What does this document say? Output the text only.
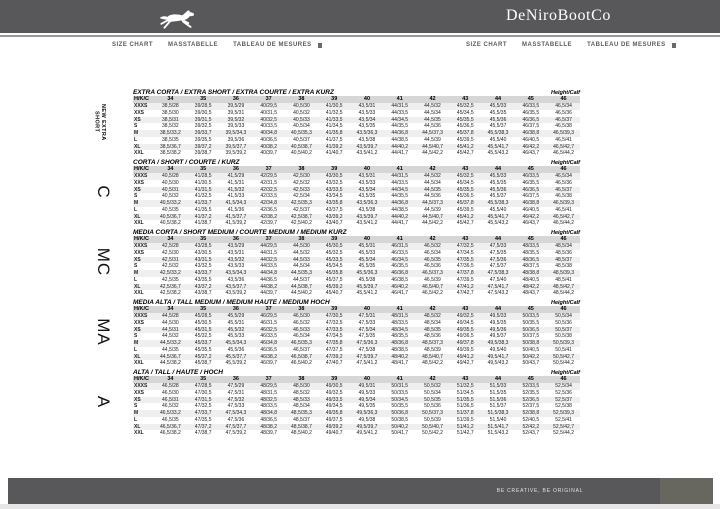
DeNiroBootCo
SIZE CHART	MASSTABELLE	TABLEAU DE MESURES	SIZE CHART	MASSTABELLE	TABLEAU DE MESURES
NEW EXTRA SHORT
EXTRA CORTA / EXTRA SHORT / EXTRA COURTE / EXTRA KURZ	Height/Calf
H/K/C	34	35	36	37	38	39	40	41	42	43	44	45	46
XXXS	38,5/28	39/28,5	39,5/29	40/29,5	40,5/30	41/30,5	43,5/31	44/31,5	44,5/32	45/32,5	45,5/33	46/33,5	46,5/34
XXS	38,5/30	39/30,5	39,5/31	40/31,5	40,5/32	41/32,5	43,5/33	44/33,5	44,5/34	45/34,5	45,5/35	46/35,5	46,5/36
XS	38,5/31	39/31,5	39,5/32	40/32,5	40,5/33	41/33,5	43,5/34	44/34,5	44,5/35	45/35,5	45,5/36	46/36,5	46,5/37
S	38,5/32	39/32,5	39,5/33	40/33,5	40,5/34	41/34,5	43,5/35	44/35,5	44,5/36	45/36,5	45,5/37	46/37,5	46,5/38
M	38,5/33,2	39/33,7	39,5/34,3	40/34,8	40,5/35,3	41/35,8	43,5/36,3	44/36,8	44,5/37,3	45/37,8	45,5/38,3	46/38,8	46,5/39,3
L	38,5/35	39/35,5	39,5/36	40/36,5	40,5/37	41/37,5	43,5/38	44/38,5	44,5/39	45/39,5	45,5/40	46/40,5	46,5/41
XL	38,5/36,7	39/37,2	39,5/37,7	40/38,2	40,5/38,7	41/39,2	43,5/39,7	44/40,2	44,5/40,7	45/41,2	45,5/41,7	46/42,2	46,5/42,7
XXL	38,5/38,2	39/38,7	39,5/39,2	40/39,7	40,5/40,2	41/40,7	43,5/41,2	44/41,7	44,5/42,2	45/42,7	45,5/43,2	46/43,7	46,5/44,2
C
CORTA / SHORT / COURTE / KURZ	Height/Calf
H/K/C	34	35	36	37	38	39	40	41	42	43	44	45	46
XXXS	40,5/28	41/28,5	41,5/29	42/29,5	42,5/30	43/30,5	43,5/31	44/31,5	44,5/32	45/32,5	45,5/33	46/33,5	46,5/34
XXS	40,5/30	41/30,5	41,5/31	42/31,5	42,5/32	43/32,5	43,5/33	44/33,5	44,5/34	45/34,5	45,5/35	46/35,5	46,5/36
XS	40,5/31	41/31,5	41,5/32	42/32,5	42,5/33	43/33,5	43,5/34	44/34,5	44,5/35	45/35,5	45,5/36	46/36,5	46,5/37
S	40,5/32	41/32,5	41,5/33	42/33,5	42,5/34	43/34,5	43,5/35	44/35,5	44,5/36	45/36,5	45,5/37	46/37,5	46,5/38
M	40,5/33,2	41/33,7	41,5/34,3	42/34,8	42,5/35,3	43/35,8	43,5/36,3	44/36,8	44,5/37,3	45/37,8	45,5/38,3	46/38,8	46,5/39,3
L	40,5/35	41/35,5	41,5/36	42/36,5	42,5/37	43/37,5	43,5/38	44/38,5	44,5/39	45/39,5	45,5/40	46/40,5	46,5/41
XL	40,5/36,7	41/37,2	41,5/37,7	42/38,2	42,5/38,7	43/39,2	43,5/39,7	44/40,2	44,5/40,7	45/41,2	45,5/41,7	46/42,2	46,5/42,7
XXL	40,5/38,2	41/38,7	41,5/39,2	42/39,7	42,5/40,2	43/40,7	43,5/41,2	44/41,7	44,5/42,2	45/42,7	45,5/43,2	46/43,7	46,5/44,2
MC
MEDIA CORTA / SHORT MEDIUM / COURTE MEDIUM / MEDIUM KURZ	Height/Calf
H/K/C	34	35	36	37	38	39	40	41	42	43	44	45	46
XXXS	42,5/28	43/28,5	43,5/29	44/29,5	44,5/30	45/30,5	45,5/31	46/31,5	46,5/32	47/32,5	47,5/33	48/33,5	48,5/34
XXS	42,5/30	43/30,5	43,5/31	44/31,5	44,5/32	45/32,5	45,5/33	46/33,5	46,5/34	47/34,5	47,5/35	48/35,5	48,5/36
XS	42,5/31	43/31,5	43,5/32	44/32,5	44,5/33	45/33,5	45,5/34	46/34,5	46,5/35	47/35,5	47,5/36	48/36,5	48,5/37
S	42,5/32	43/32,5	43,5/33	44/33,5	44,5/34	45/34,5	45,5/35	46/35,5	46,5/36	47/36,5	47,5/37	48/37,5	48,5/38
M	42,5/33,2	43/33,7	43,5/34,3	44/34,8	44,5/35,3	45/35,8	45,5/36,3	46/36,8	46,5/37,3	47/37,8	47,5/38,3	48/38,8	48,5/39,3
L	42,5/35	43/35,5	43,5/36	44/36,5	44,5/37	45/37,5	45,5/38	46/38,5	46,5/39	47/39,5	47,5/40	48/40,5	48,5/41
XL	42,5/36,7	43/37,2	43,5/37,7	44/38,2	44,5/38,7	45/39,2	45,5/39,7	46/40,2	46,5/40,7	47/41,2	47,5/41,7	48/42,2	48,5/42,7
XXL	42,5/38,2	43/38,7	43,5/39,2	44/39,7	44,5/40,2	45/40,7	45,5/41,2	46/41,7	46,5/42,2	47/42,7	47,5/43,2	48/43,7	48,5/44,2
MA
MEDIA ALTA / TALL MEDIUM / MEDIUM HAUTE / MEDIUM HOCH	Height/Calf
H/K/C	34	35	36	37	38	39	40	41	42	43	44	45	46
XXXS	44,5/28	45/28,5	45,5/29	46/29,5	46,5/30	47/30,5	47,5/31	48/31,5	48,5/32	49/32,5	49,5/33	50/33,5	50,5/34
XXS	44,5/30	45/30,5	45,5/31	46/31,5	46,5/32	47/32,5	47,5/33	48/33,5	48,5/34	49/34,5	49,5/35	50/35,5	50,5/36
XS	44,5/31	45/31,5	45,5/32	46/32,5	46,5/33	47/33,5	47,5/34	48/34,5	48,5/35	49/35,5	49,5/36	50/36,5	50,5/37
S	44,5/32	45/32,5	45,5/33	46/33,5	46,5/34	47/34,5	47,5/35	48/35,5	48,5/36	49/36,5	49,5/37	50/37,5	50,5/38
M	44,5/33,2	45/33,7	45,5/34,3	46/34,8	46,5/35,3	47/35,8	47,5/36,3	48/36,8	48,5/37,3	49/37,8	49,5/38,3	50/38,8	50,5/39,3
L	44,5/35	45/35,5	45,5/36	46/36,5	46,5/37	47/37,5	47,5/38	48/38,5	48,5/39	49/39,5	49,5/40	50/40,5	50,5/41
XL	44,5/36,7	45/37,2	45,5/37,7	46/38,2	46,5/38,7	47/39,2	47,5/39,7	48/40,2	48,5/40,7	49/41,2	49,5/41,7	50/42,2	50,5/42,7
XXL	44,5/38,2	45/38,7	45,5/39,2	46/39,7	46,5/40,2	47/40,7	47,5/41,2	48/41,7	48,5/42,2	49/42,7	49,5/43,2	50/43,7	50,5/44,2
A
ALTA / TALL / HAUTE / HOCH	Height/Calf
H/K/C	34	35	36	37	38	39	40	41	42	43	44	45	46
XXXS	46,5/28	47/28,5	47,5/29	48/29,5	48,5/30	49/30,5	49,5/31	50/31,5	50,5/32	51/32,5	51,5/33	52/33,5	52,5/34
XXS	46,5/30	47/30,5	47,5/31	48/31,5	48,5/32	49/32,5	49,5/33	50/33,5	50,5/34	51/34,5	51,5/35	52/35,5	52,5/36
XS	46,5/31	47/31,5	47,5/32	48/32,5	48,5/33	49/33,5	49,5/34	50/34,5	50,5/35	51/35,5	51,5/36	52/36,5	52,5/37
S	46,5/32	47/32,5	47,5/33	48/33,5	48,5/34	49/34,5	49,5/35	50/35,5	50,5/36	51/36,5	51,5/37	52/37,5	52,5/38
M	46,5/33,2	47/33,7	47,5/34,3	48/34,8	48,5/35,3	49/35,8	49,5/36,3	50/36,8	50,5/37,3	51/37,8	51,5/38,3	52/38,8	52,5/39,3
L	46,5/35	47/35,5	47,5/36	48/36,5	48,5/37	49/37,5	49,5/38	50/38,5	50,5/39	51/39,5	51,5/40	52/40,5	52,5/41
XL	46,5/36,7	47/37,2	47,5/37,7	48/38,2	48,5/38,7	49/39,2	49,5/39,7	50/40,2	50,5/40,7	51/41,2	51,5/41,7	52/42,2	52,5/42,7
XXL	46,5/38,2	47/38,7	47,5/39,2	48/39,7	48,5/40,2	49/40,7	49,5/41,2	50/41,7	50,5/42,2	51/42,7	51,5/43,2	52/43,7	52,5/44,2
BE CREATIVE, BE ORIGINAL
